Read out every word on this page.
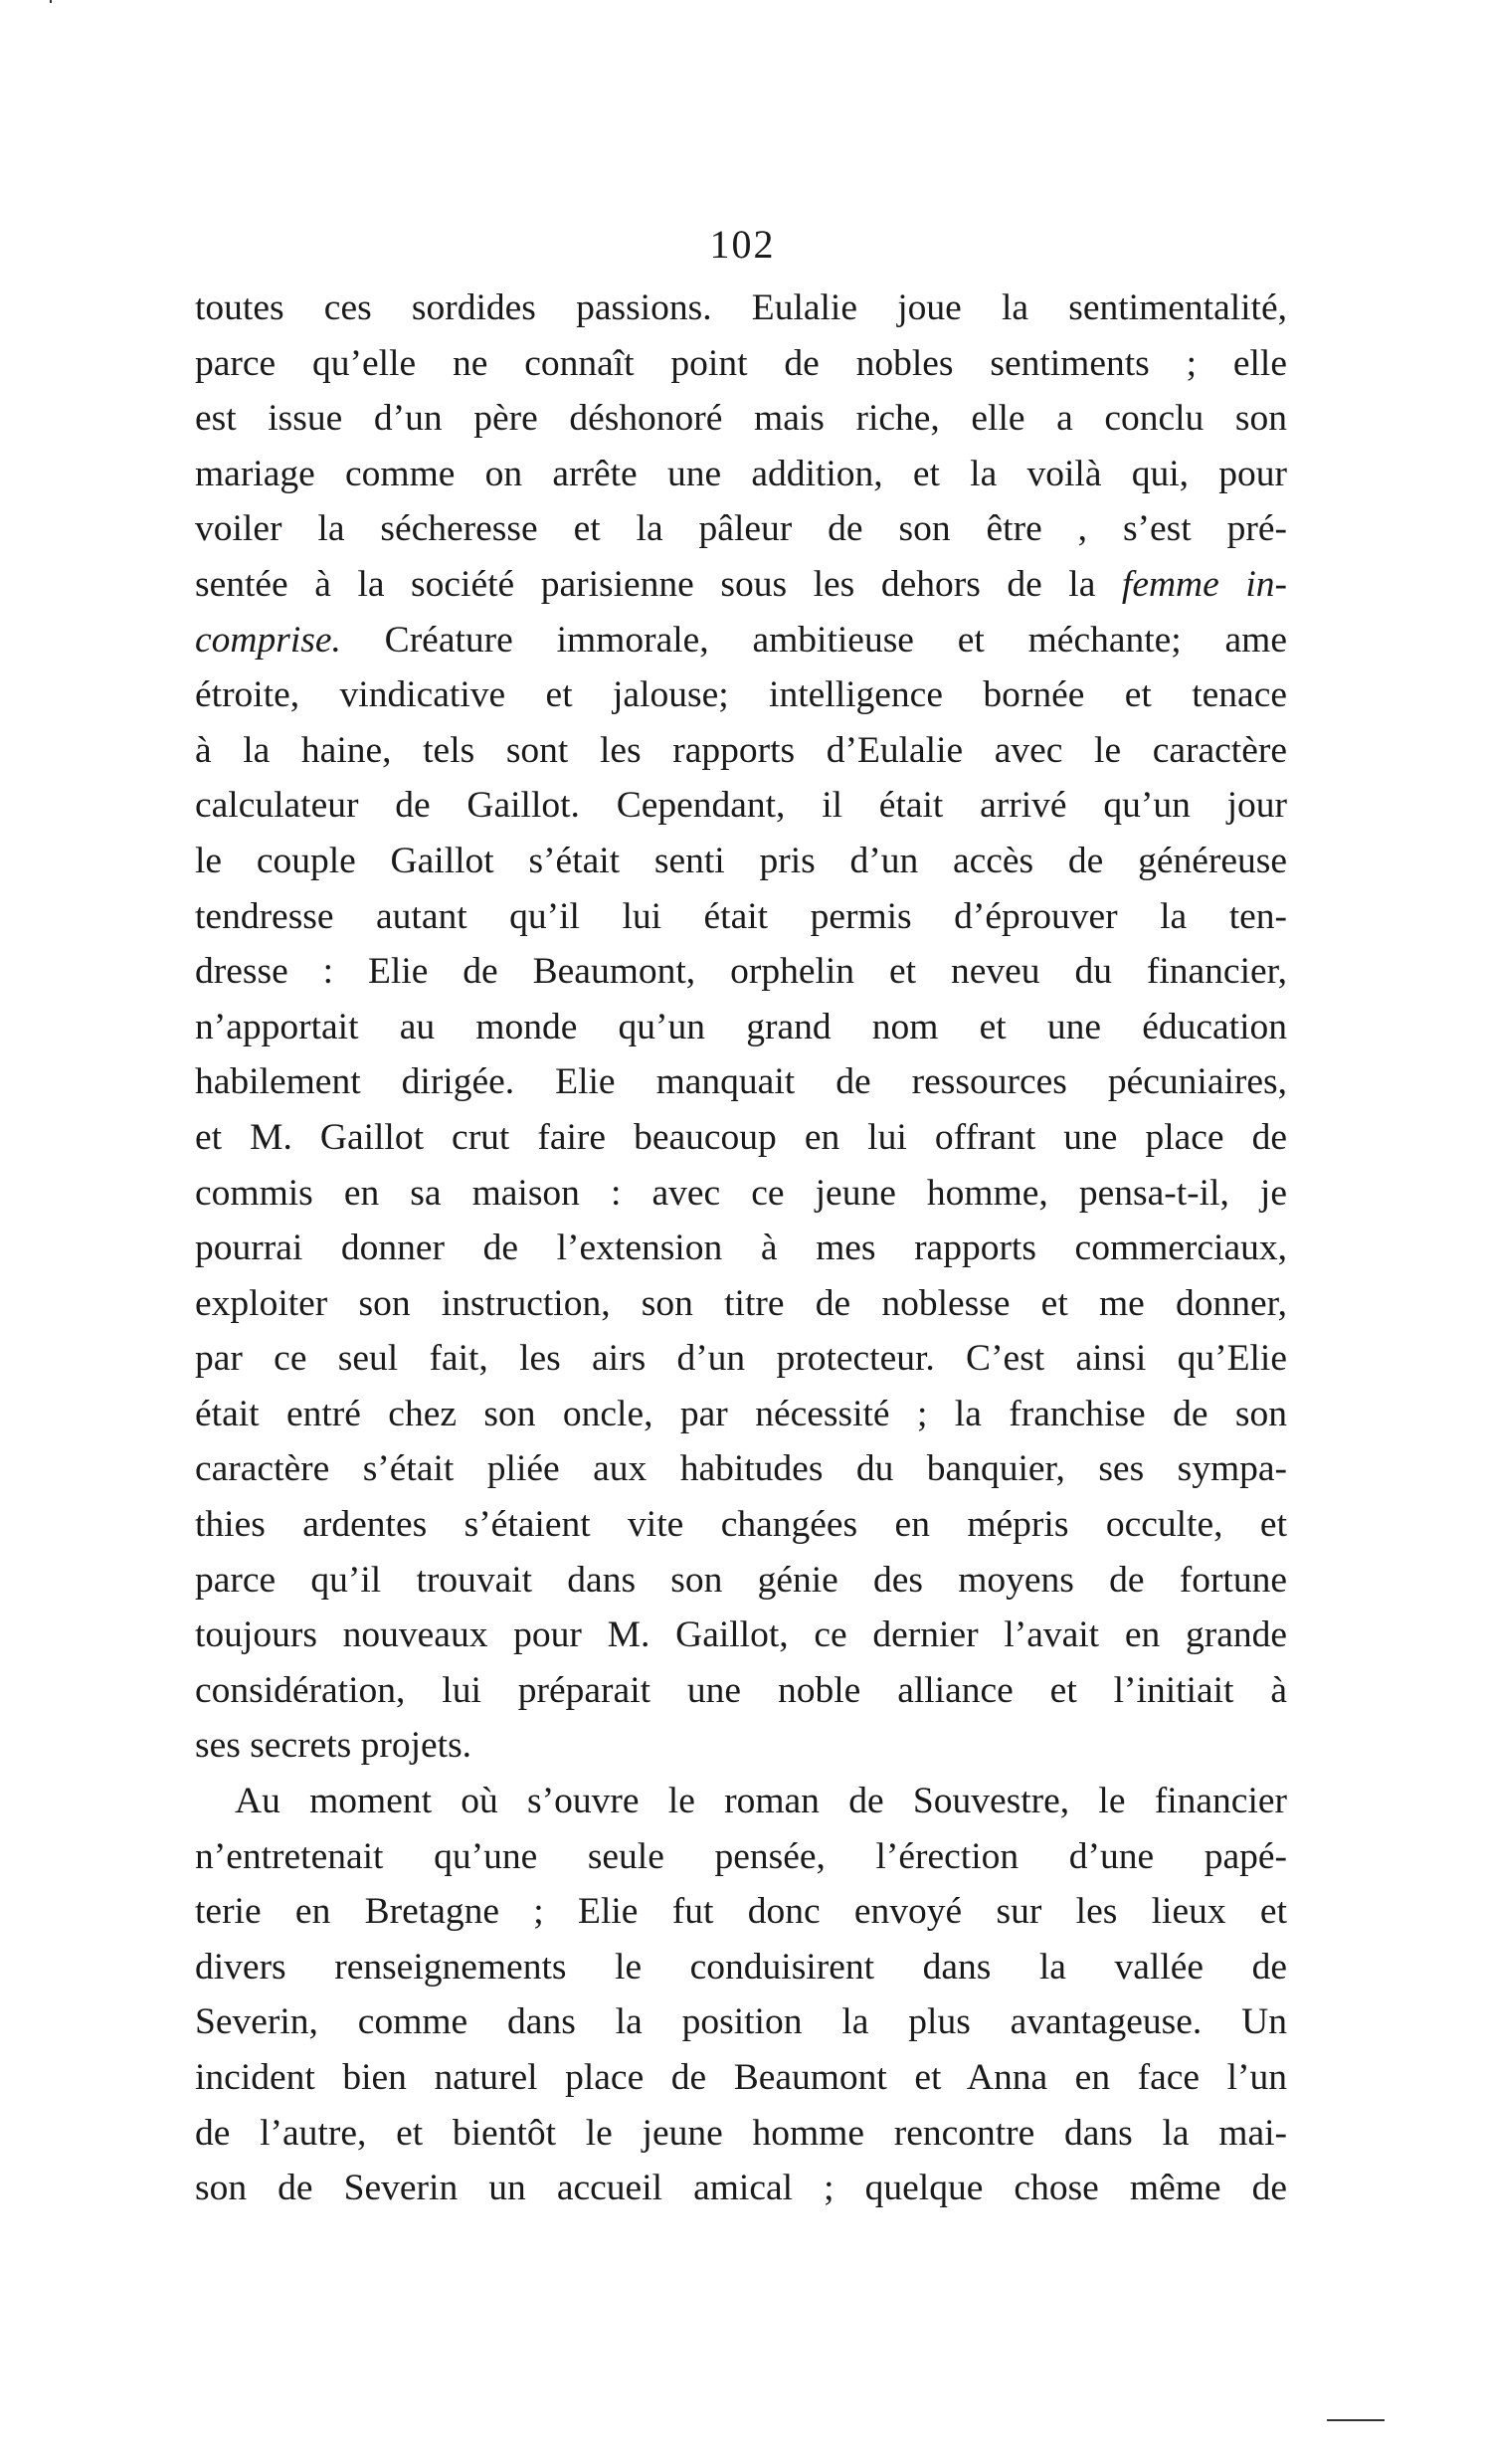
102
toutes ces sordides passions. Eulalie joue la sentimentalité,
parce qu’elle ne connaît point de nobles sentiments ; elle
est issue d’un père déshonoré mais riche, elle a conclu son
mariage comme on arrête une addition, et la voilà qui, pour
voiler la sécheresse et la pâleur de son être , s’est pré-
sentée à la société parisienne sous les dehors de la femme in-
comprise. Créature immorale, ambitieuse et méchante; ame
étroite, vindicative et jalouse; intelligence bornée et tenace
à la haine, tels sont les rapports d’Eulalie avec le caractère
calculateur de Gaillot. Cependant, il était arrivé qu’un jour
le couple Gaillot s’était senti pris d’un accès de généreuse
tendresse autant qu’il lui était permis d’éprouver la ten-
dresse : Elie de Beaumont, orphelin et neveu du financier,
n’apportait au monde qu’un grand nom et une éducation
habilement dirigée. Elie manquait de ressources pécuniaires,
et M. Gaillot crut faire beaucoup en lui offrant une place de
commis en sa maison : avec ce jeune homme, pensa-t-il, je
pourrai donner de l’extension à mes rapports commerciaux,
exploiter son instruction, son titre de noblesse et me donner,
par ce seul fait, les airs d’un protecteur. C’est ainsi qu’Elie
était entré chez son oncle, par nécessité ; la franchise de son
caractère s’était pliée aux habitudes du banquier, ses sympa-
thies ardentes s’étaient vite changées en mépris occulte, et
parce qu’il trouvait dans son génie des moyens de fortune
toujours nouveaux pour M. Gaillot, ce dernier l’avait en grande
considération, lui préparait une noble alliance et l’initiait à
ses secrets projets.
Au moment où s’ouvre le roman de Souvestre, le financier
n’entretenait qu’une seule pensée, l’érection d’une papé-
terie en Bretagne ; Elie fut donc envoyé sur les lieux et
divers renseignements le conduisirent dans la vallée de
Severin, comme dans la position la plus avantageuse. Un
incident bien naturel place de Beaumont et Anna en face l’un
de l’autre, et bientôt le jeune homme rencontre dans la mai-
son de Severin un accueil amical ; quelque chose même de
